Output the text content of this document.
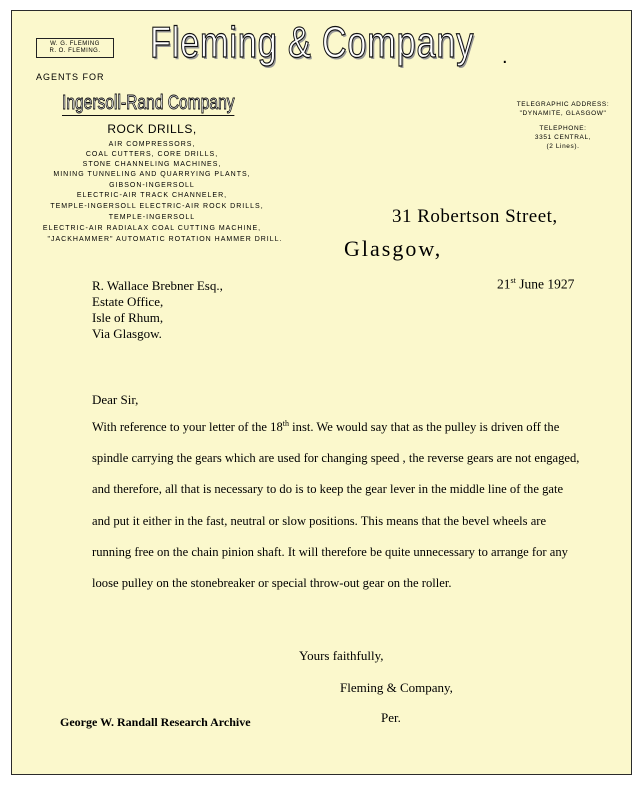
W. G. FLEMING
R. O. FLEMING.
AGENTS FOR
Fleming & Company .
Ingersoll-Rand Company
ROCK DRILLS,
AIR COMPRESSORS,
COAL CUTTERS, CORE DRILLS,
STONE CHANNELING MACHINES,
MINING TUNNELING AND QUARRYING PLANTS,
GIBSON-INGERSOLL
ELECTRIC-AIR TRACK CHANNELER,
TEMPLE-INGERSOLL ELECTRIC-AIR ROCK DRILLS,
TEMPLE-INGERSOLL
ELECTRIC-AIR RADIALAX COAL CUTTING MACHINE,
"JACKHAMMER" AUTOMATIC ROTATION HAMMER DRILL.
TELEGRAPHIC ADDRESS:
"DYNAMITE, GLASGOW"
TELEPHONE:
3351 CENTRAL,
(2 Lines).
31 Robertson Street,
Glasgow,
R. Wallace Brebner Esq.,
Estate Office,
Isle of Rhum,
Via Glasgow.
21st June 1927
Dear Sir,
With reference to your letter of the 18th inst. We would say that as the pulley is driven off the spindle carrying the gears which are used for changing speed , the reverse gears are not engaged, and therefore, all that is necessary to do is to keep the gear lever in the middle line of the gate and put it either in the fast, neutral or slow positions. This means that the bevel wheels are running free on the chain pinion shaft. It will therefore be quite unnecessary to arrange for any loose pulley on the stonebreaker or special throw-out gear on the roller.
Yours faithfully,
Fleming & Company,
Per.
George W. Randall Research Archive
